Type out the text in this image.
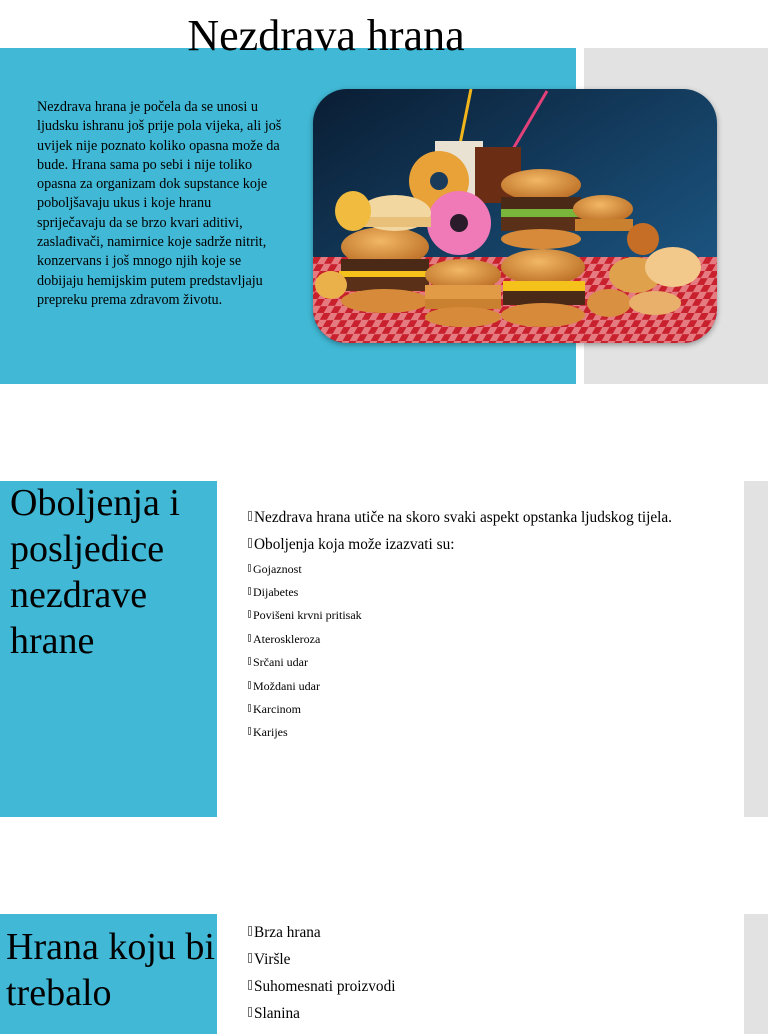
Nezdrava hrana
Nezdrava hrana je počela da se unosi u ljudsku ishranu još prije pola vijeka, ali još uvijek nije poznato koliko opasna može da bude. Hrana sama po sebi i nije toliko opasna za organizam dok supstance koje poboljšavaju ukus i koje hranu spriječavaju da se brzo kvari aditivi, zaslađivači, namirnice koje sadrže nitrit, konzervans i još mnogo njih koje se dobijaju hemijskim putem predstavljaju prepreku prema zdravom životu.
Oboljenja i posljedice nezdrave hrane
Nezdrava hrana utiče na skoro svaki aspekt opstanka ljudskog tijela.
Oboljenja koja može izazvati su:
Gojaznost
Dijabetes
Povišeni krvni pritisak
Ateroskleroza
Srčani udar
Moždani udar
Karcinom
Karijes
Hrana koju bi trebalo
Brza hrana
Viršle
Suhomesnati proizvodi
Slanina
